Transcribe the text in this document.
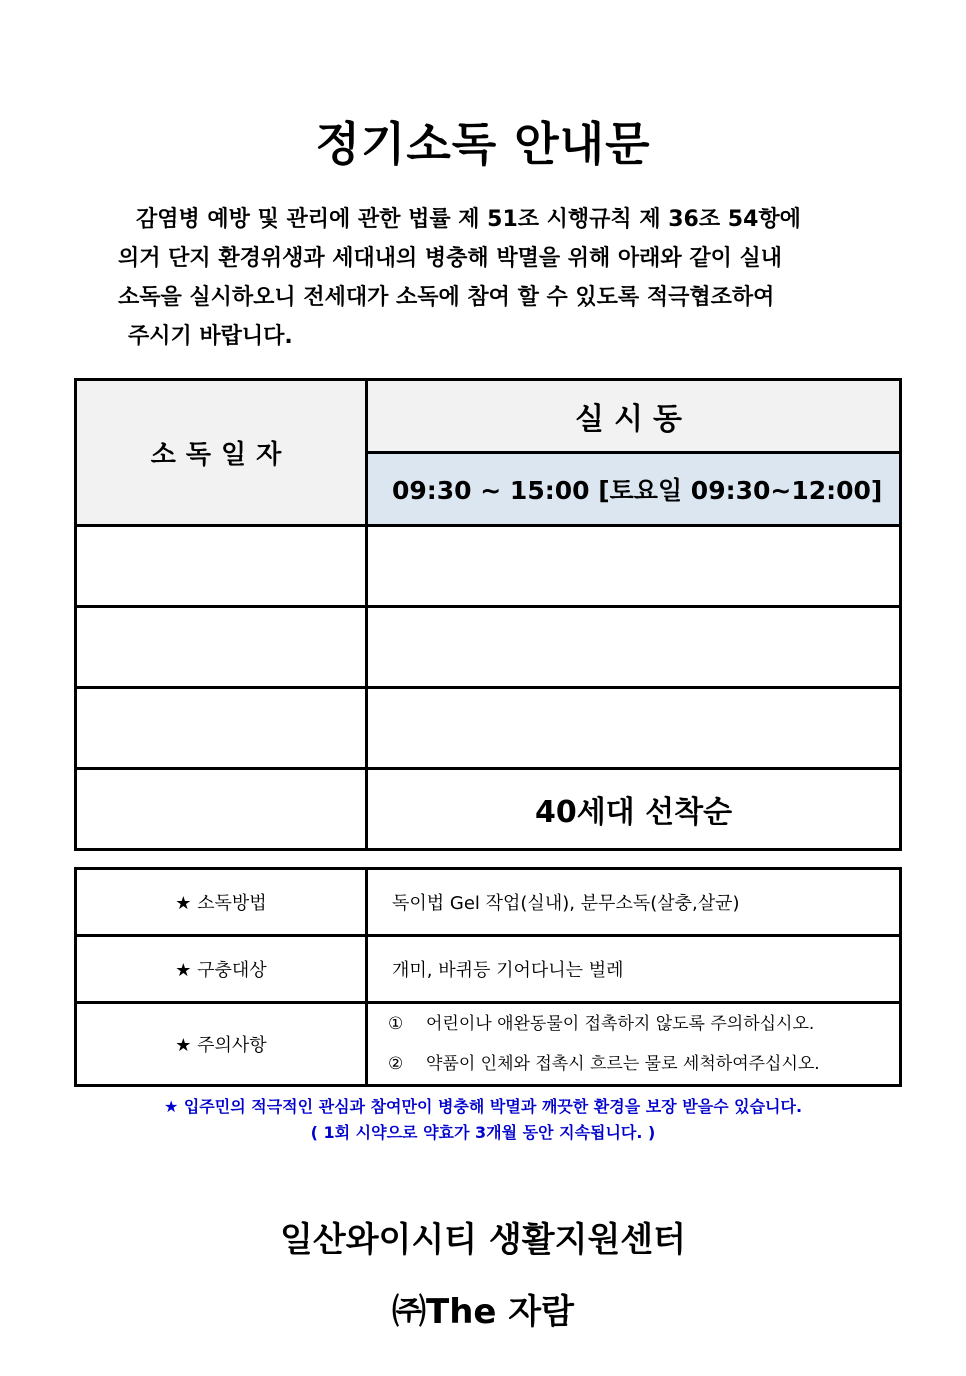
정기소독 안내문

감염병 예방 및 관리에 관한 법률 제 51조 시행규칙 제 36조 54항에

의거 단지 환경위생과 세대내의 병충해 박멸을 위해 아래와 같이 실내

소독을 실시하오니 전세대가 소독에 참여 할 수 있도록 적극협조하여

주시기 바랍니다.

소독일자	실시동
	09:30 ~ 15:00 [토요일 09:30~12:00]

	40세대 선착순
★ 소독방법	독이법 Gel 작업(실내), 분무소독(살충,살균)
★ 구충대상	개미, 바퀴등 기어다니는 벌레
★ 주의사항	① 어린이나 애완동물이 접촉하지 않도록 주의하십시오.

② 약품이 인체와 접촉시 흐르는 물로 세척하여주십시오.

★ 입주민의 적극적인 관심과 참여만이 병충해 박멸과 깨끗한 환경을 보장 받을수 있습니다.

( 1회 시약으로 약효가 3개월 동안 지속됩니다. )

일산와이시티 생활지원센터
㈜The 자람
